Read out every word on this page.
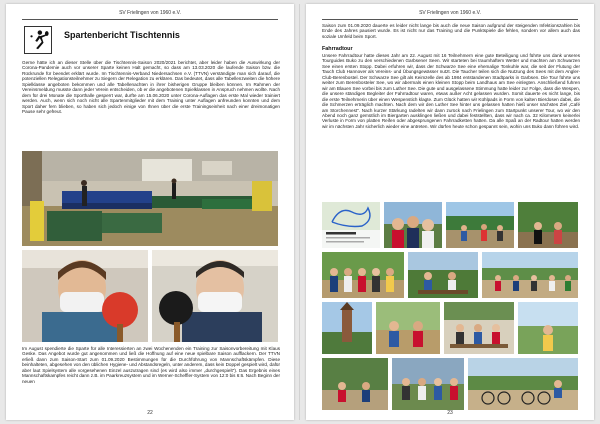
SV Frielingen von 1960 e.V.
Spartenbericht Tischtennis

Gerne hätte ich an dieser Stelle über die Tischtennis-Saison 2020/2021 berichtet, aber leider haben die Auswirkung der Corona-Pandemie auch vor unserer Sparte keinen Halt gemacht, so dass am 13.03.2020 die laufende Saison bzw. die Rückrunde für beendet erklärt wurde. Im Tischtennis-Verband Niedersachsen e.V. (TTVN) verständigte man sich darauf, die potenziellen Relegationsteilnehmer zu Siegern der Relegation zu erklären. Das bedeutet, dass alle Tabellenzweiten die höhere Spielklasse angeboten bekommen und alle Tabellenachten in ihrer bisherigen Gruppe bleiben können. Im Rahmen der Vereinsmeldung musste dann jeder Verein entscheiden, ob er die angebotenen Spielklassen in Anspruch nehmen wollte. Nach dem für drei Monate die Sporthalle gesperrt war, durfte am 15.06.2020 unter Corona-Auflagen das erste Mal wieder trainiert werden. Auch, wenn sich noch nicht alle Spartenmitglieder mit dem Training unter Auflagen anfreunden konnten und dem Sport daher fern blieben, so haben sich jedoch einige von Ihnen über die erste Trainingseinheit nach einer dreimonatigen Pause sehr gefreut.

Im August spendierte die Sparte für alle Interessierten an zwei Wochenenden ein Training zur Saisonvorbereitung mit Klaus Geske. Das Angebot wurde gut angenommen und ließ die Hoffnung auf eine neue spielbare Saison aufflackern. Der TTVN erließ dann zum Saison-Start zum 01.09.2020 Bestimmungen für die Durchführung von Mannschaftskämpfen. Diese beinhalteten, abgesehen von den üblichen Hygiene- und Abstandsregeln, unter anderem, dass kein Doppel gespielt wird, dafür aber laut Spielsystem alle vorgesehenen Einzel auszutragen sind (es wird also immer „durchgespielt"). Das Ergebnis eines Mannschaftskampfes reicht dann z.B. im Paarkreuzsystem und im Werner-Scheffler-System von 12:0 bis 6:6. Nach Beginn der neuen

22
SV Frielingen von 1960 e.V.

Saison zum 01.09.2020 dauerte es leider nicht lange bis auch die neue Saison aufgrund der steigenden Infektionszahlen bis Ende des Jahres pausiert wurde. Es ist nicht nur das Training und die Punktspiele die fehlen, sondern vor allem auch das soziale Umfeld beim Sport.

Fahrradtour

Unsere Fahrradtour hatte dieses Jahr am 22. August mit 16 Teilnehmern eine gute Beteiligung und führte uns dank unseres Tourguides Buko zu den verschiedenen Garbsener Seen. Wir starteten bei traumhaftem Wetter und machten am Schwarzen See einen ersten Stopp. Dabei erfuhren wir, dass der Schwarze See eine ehemalige Tonkuhle war, die seit der Flutung der Tauch Club Hannover als Vereins- und Übungsgewässer nutzt. Die Taucher teilen sich die Nutzung des Sees mit dem Angler-Club-Berenbostel. Der Schwarze See gilt als Keimzelle des ab 1984 entstandenen Stadtparks in Garbsen. Die Tour führte uns weiter zum Berenbosteler See, wo wir abermals einen kleinen Stopp beim Landhaus am See einlegten. Anschließend fuhren wir am Blauen See vorbei bis zum Luther See. Die gute und ausgelassene Stimmung hatte leider zur Folge, dass die Wespen, die unsere ständigen Begleiter der Fahrradtour waren, etwas außer Acht gelassen wurden. Somit dauerte es nicht lange, bis die erste Teilnehmerin über einen Wespenstich klagte. Zum Glück hatten wir Kühlpads in Form von kalten Bierdosen dabei, die die Schmerzen erträglich machten. Nach dem wir den Luther See hinter uns gelassen hatten hieß unser nächstes Ziel „Café am Storchennest". Nach kurzer Stärkung radelten wir dann zurück nach Frielingen zum Startpunkt unserer Tour, wo wir den Abend noch ganz gemütlich im Biergarten ausklingen ließen und dabei feststellten, dass wir nach ca. 32 Kilometern keinerlei Verluste in Form von platten Reifen oder abgesprungenen Fahrradketten hatten. Da alle Spaß an der Radtour hatten werden wir im nächsten Jahr sicherlich wieder eine antreten. Wir dürfen heute schon gespannt sein, wohin uns Buko dann führen wird.

23
